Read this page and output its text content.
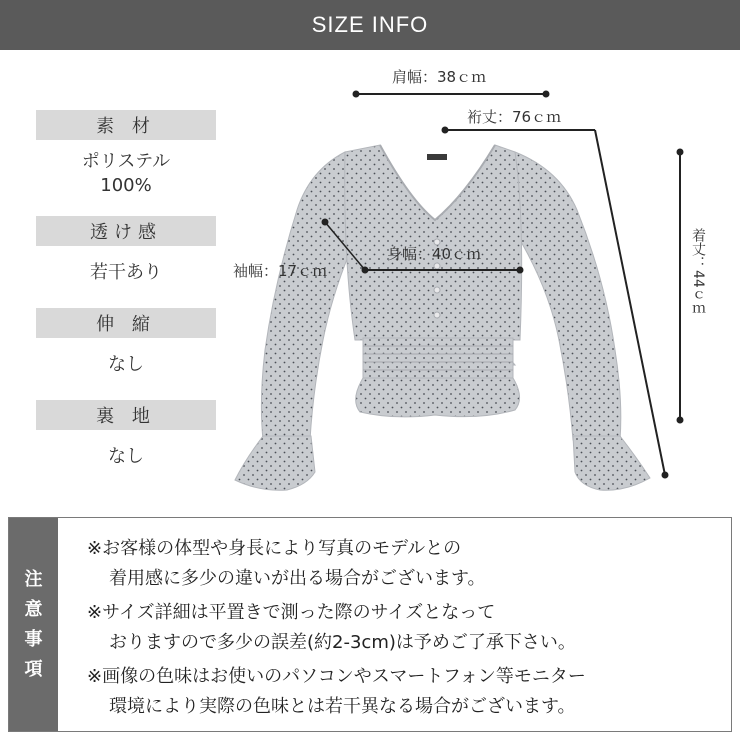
SIZE INFO
素 材
ポリステル
100%
透け感
若干あり
伸 縮
なし
裏 地
なし
肩幅：38ｃｍ
裄丈：76ｃｍ
身幅：40ｃｍ
袖幅：17ｃｍ	着丈：44ｃｍ
注
意
事
項
※お客様の体型や身長により写真のモデルとの
着用感に多少の違いが出る場合がございます。
※サイズ詳細は平置きで測った際のサイズとなって
おりますので多少の誤差(約2-3cm)は予めご了承下さい。
※画像の色味はお使いのパソコンやスマートフォン等モニター
環境により実際の色味とは若干異なる場合がございます。
